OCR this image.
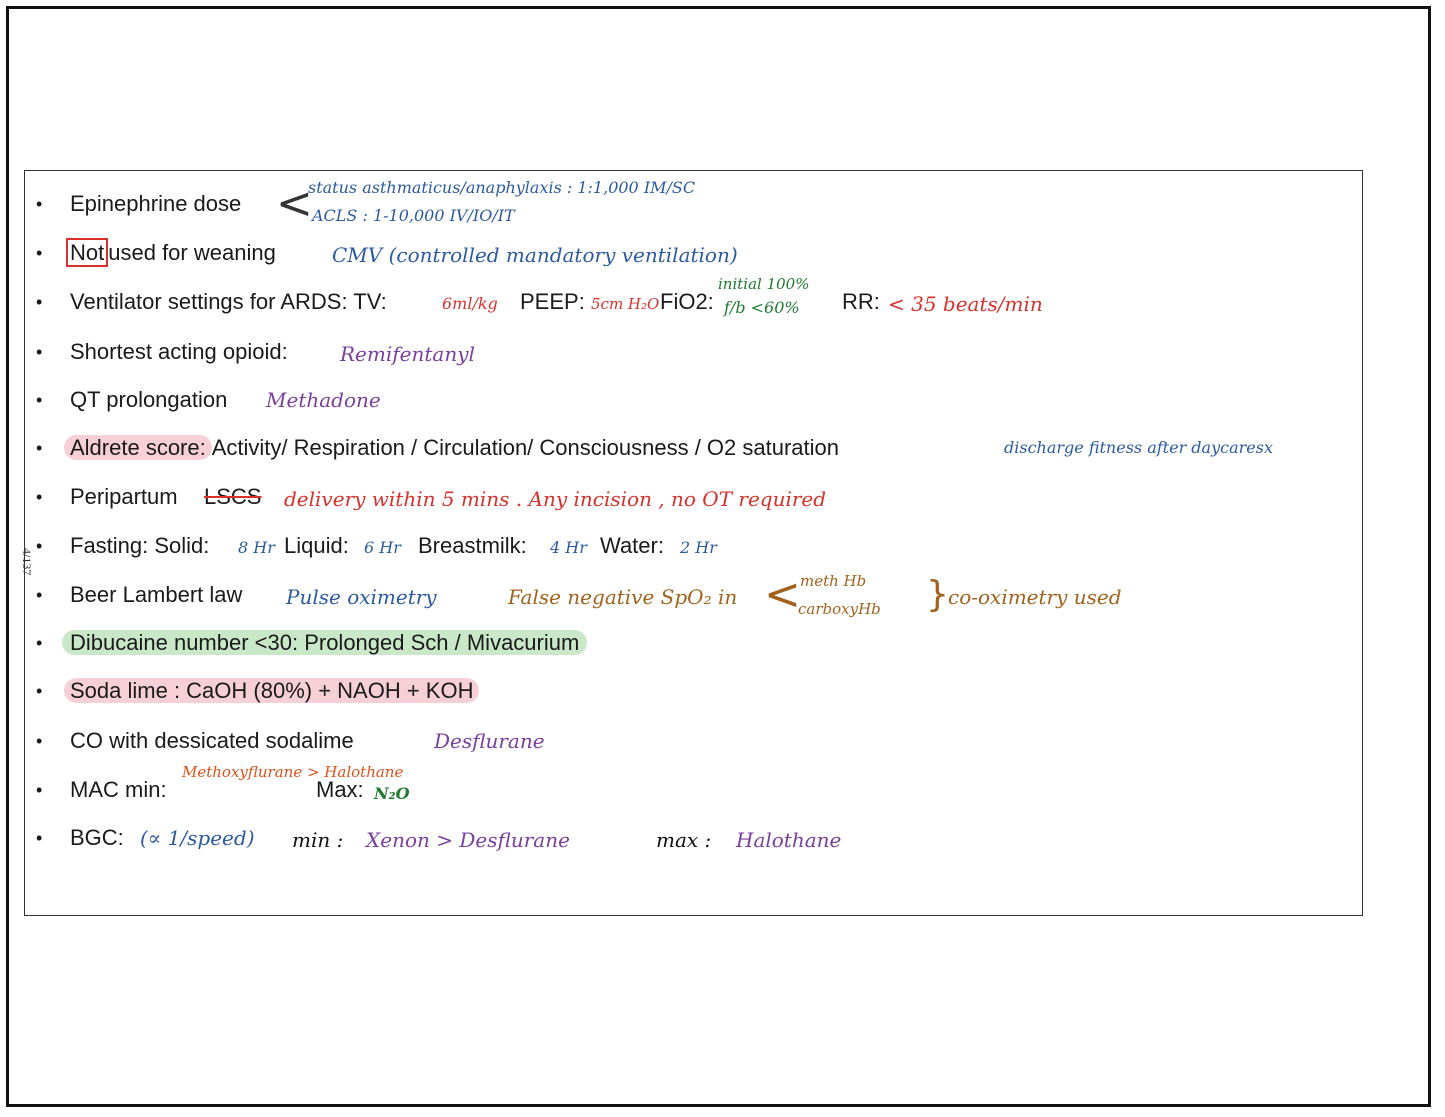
4/137
• Epinephrine dose <
status asthmaticus/anaphylaxis : 1:1,000 IM/SC
ACLS : 1-10,000 IV/IO/IT
• Not used for weaning	CMV (controlled mandatory ventilation)
• Ventilator settings for ARDS: TV:	6ml/kg PEEP: 5cm H₂O FiO2:
initial 100%
f/b <60% RR: < 35 beats/min
• Shortest acting opioid:	Remifentanyl
• QT prolongation Methadone
• Aldrete score: Activity/ Respiration / Circulation/ Consciousness / O2 saturation	discharge fitness after daycaresx
• Peripartum LSCS delivery within 5 mins . Any incision , no OT required
• Fasting: Solid: 8 Hr Liquid: 6 Hr Breastmilk: 4 Hr Water: 2 Hr
• Beer Lambert law Pulse oximetry	False negative SpO₂ in < meth Hb
carboxyHb } co-oximetry used
• Dibucaine number <30: Prolonged Sch / Mivacurium
• Soda lime : CaOH (80%) + NAOH + KOH
• CO with dessicated sodalime	Desflurane
• MAC min:
Methoxyflurane > Halothane
Max: N₂O
• BGC: (∝ 1/speed) min : Xenon > Desflurane	max : Halothane
